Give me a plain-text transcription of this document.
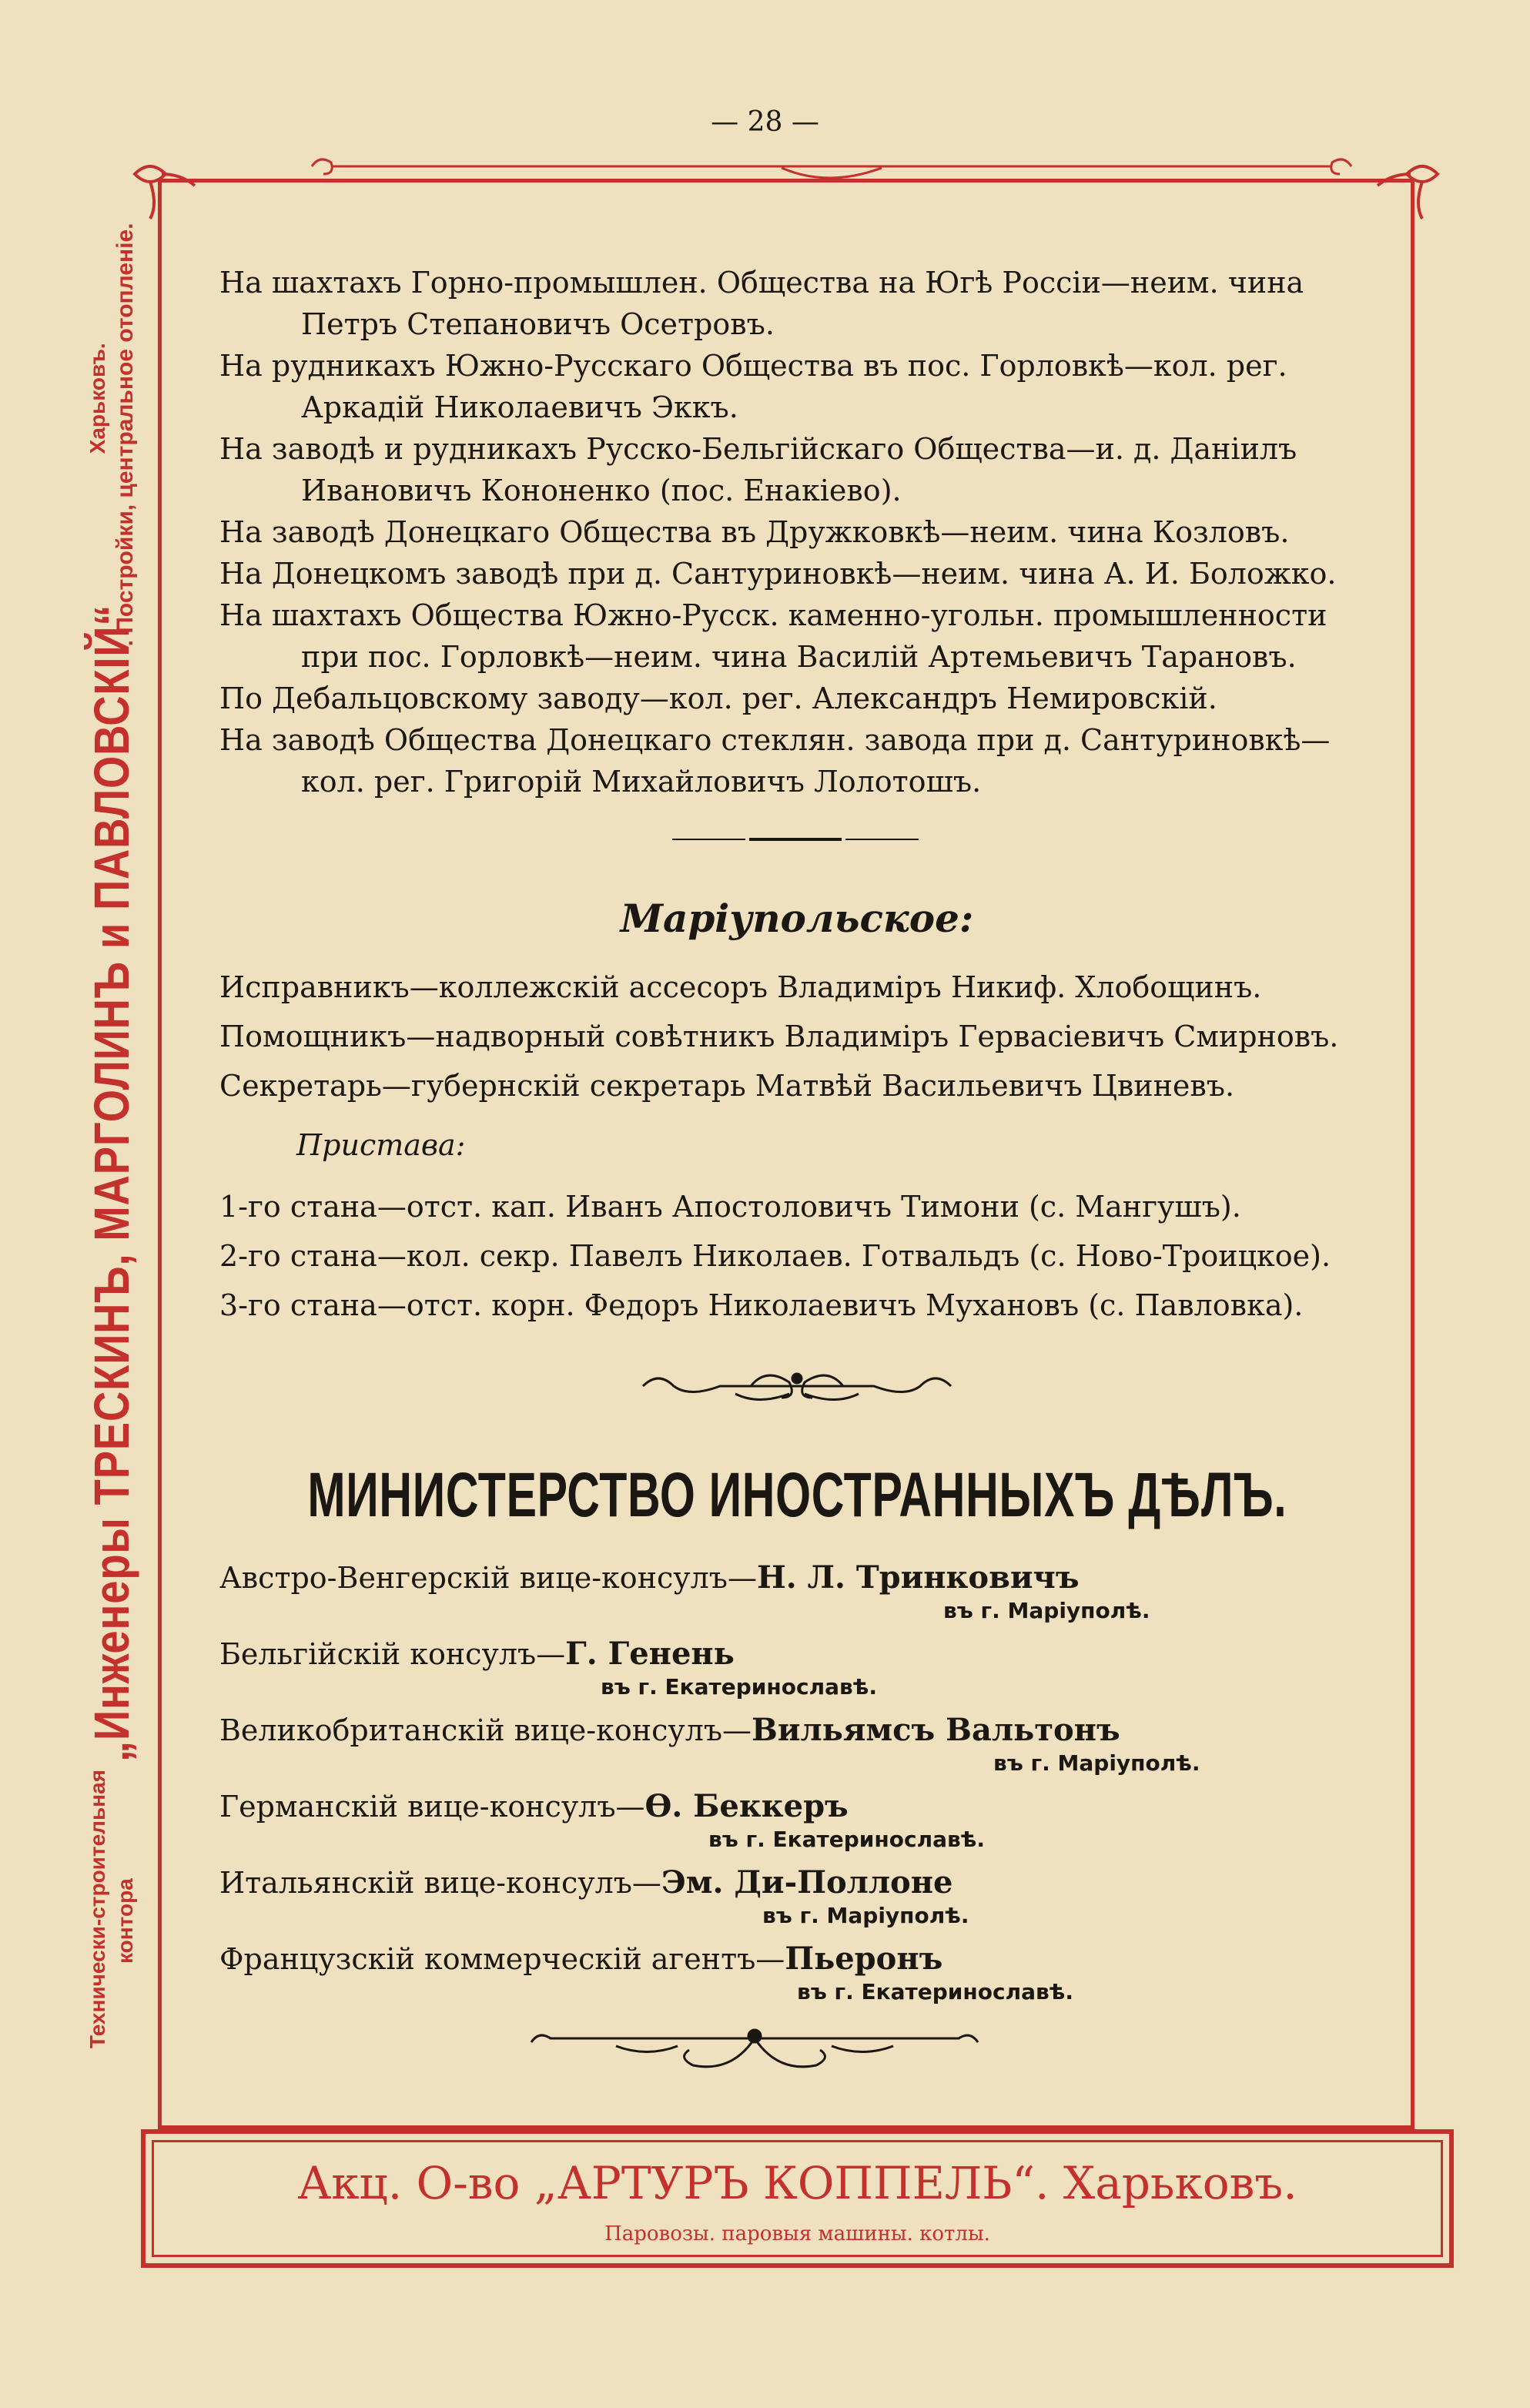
— 28 —
Технически-строительная контора
„Инженеры ТРЕСКИНЪ, МАРГОЛИНЪ и ПАВЛОВСКІЙ“
Харьковъ. . Постройки, центральное отопленіе.	На шахтахъ Горно-промышлен. Общества на Югѣ Россіи—неим. чина
Петръ Степановичъ Осетровъ.
На рудникахъ Южно-Русскаго Общества въ пос. Горловкѣ—кол. рег.
Аркадій Николаевичъ Эккъ.
На заводѣ и рудникахъ Русско-Бельгійскаго Общества—и. д. Даніилъ
Ивановичъ Кононенко (пос. Енакіево).
На заводѣ Донецкаго Общества въ Дружковкѣ—неим. чина Козловъ.
На Донецкомъ заводѣ при д. Сантуриновкѣ—неим. чина А. И. Боложко.
На шахтахъ Общества Южно-Русск. каменно-угольн. промышленности
при пос. Горловкѣ—неим. чина Василій Артемьевичъ Тарановъ.
По Дебальцовскому заводу—кол. рег. Александръ Немировскій.
На заводѣ Общества Донецкаго стеклян. завода при д. Сантуриновкѣ—
кол. рег. Григорій Михайловичъ Лолотошъ.
Маріупольское:
Исправникъ—коллежскій ассесоръ Владиміръ Никиф. Хлобощинъ.
Помощникъ—надворный совѣтникъ Владиміръ Гервасіевичъ Смирновъ.
Секретарь—губернскій секретарь Матвѣй Васильевичъ Цвиневъ.
Пристава:
1-го стана—отст. кап. Иванъ Апостоловичъ Тимони (с. Мангушъ).
2-го стана—кол. секр. Павелъ Николаев. Готвальдъ (с. Ново-Троицкое).
3-го стана—отст. корн. Федоръ Николаевичъ Мухановъ (с. Павловка).
МИНИСТЕРСТВО ИНОСТРАННЫХЪ ДѢЛЪ.
Австро-Венгерскій вице-консулъ—Н. Л. Тринковичъ
въ г. Маріуполѣ.
Бельгійскій консулъ—Г. Генень
въ г. Екатеринославѣ.
Великобританскій вице-консулъ—Вильямсъ Вальтонъ
въ г. Маріуполѣ.
Германскій вице-консулъ—Ѳ. Беккеръ
въ г. Екатеринославѣ.
Итальянскій вице-консулъ—Эм. Ди-Поллоне
въ г. Маріуполѣ.
Французскій коммерческій агентъ—Пьеронъ
въ г. Екатеринославѣ.
Акц. О-во „АРТУРЪ КОППЕЛЬ“. Харьковъ.
Паровозы. паровыя машины. котлы.
